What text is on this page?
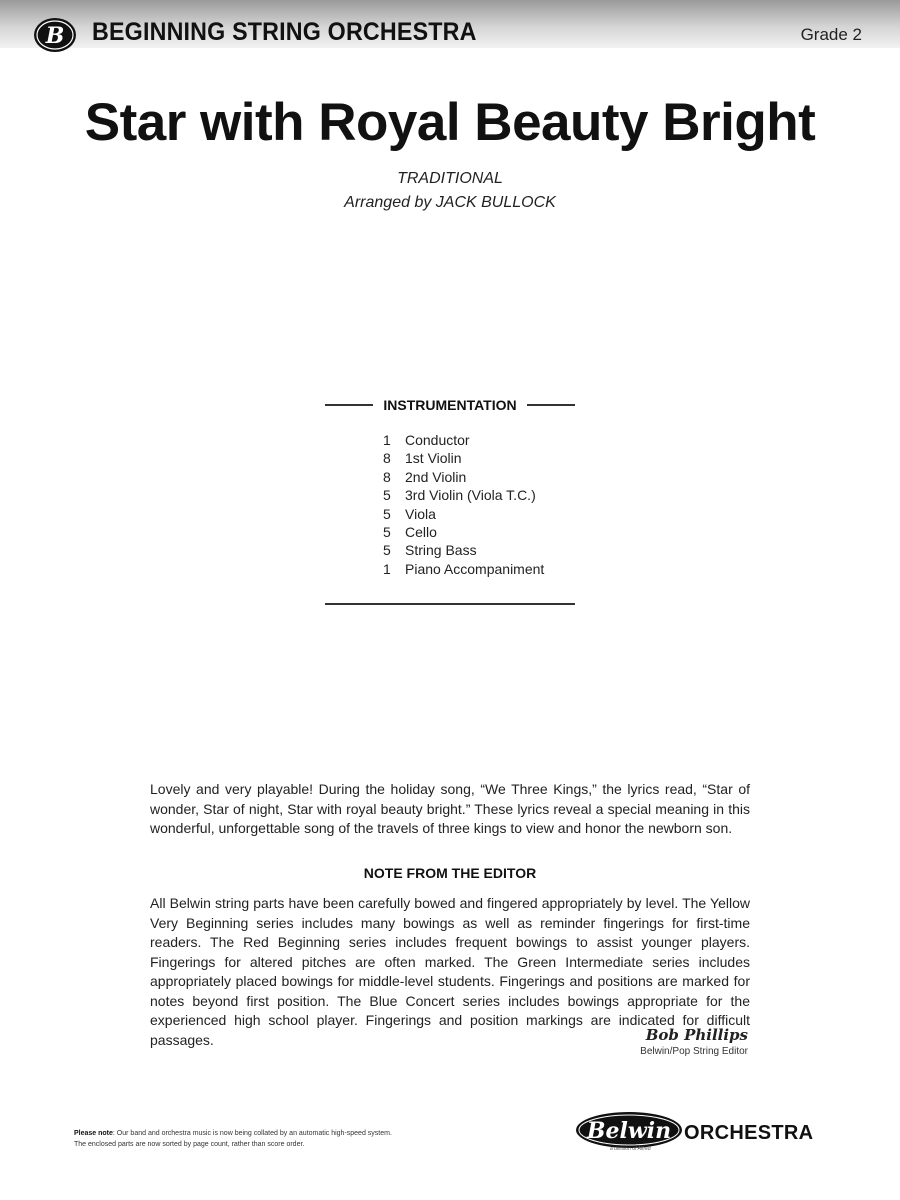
B BEGINNING STRING ORCHESTRA	Grade 2
Star with Royal Beauty Bright
TRADITIONAL
Arranged by JACK BULLOCK
INSTRUMENTATION
1	Conductor
8	1st Violin
8	2nd Violin
5	3rd Violin (Viola T.C.)
5	Viola
5	Cello
5	String Bass
1	Piano Accompaniment
Lovely and very playable! During the holiday song, “We Three Kings,” the lyrics read, “Star of wonder, Star of night, Star with royal beauty bright.” These lyrics reveal a special meaning in this wonderful, unforgettable song of the travels of three kings to view and honor the newborn son.
NOTE FROM THE EDITOR
All Belwin string parts have been carefully bowed and fingered appropriately by level. The Yellow Very Beginning series includes many bowings as well as reminder fingerings for first-time readers. The Red Beginning series includes frequent bowings to assist younger players. Fingerings for altered pitches are often marked. The Green Intermediate series includes appropriately placed bowings for middle-level students. Fingerings and positions are marked for notes beyond first position. The Blue Concert series includes bowings appropriate for the experienced high school player. Fingerings and position markings are indicated for difficult passages.	Bob Phillips
Belwin/Pop String Editor
Please note: Our band and orchestra music is now being collated by an automatic high-speed system.
The enclosed parts are now sorted by page count, rather than score order.
Belwin ORCHESTRA
a division of Alfred
